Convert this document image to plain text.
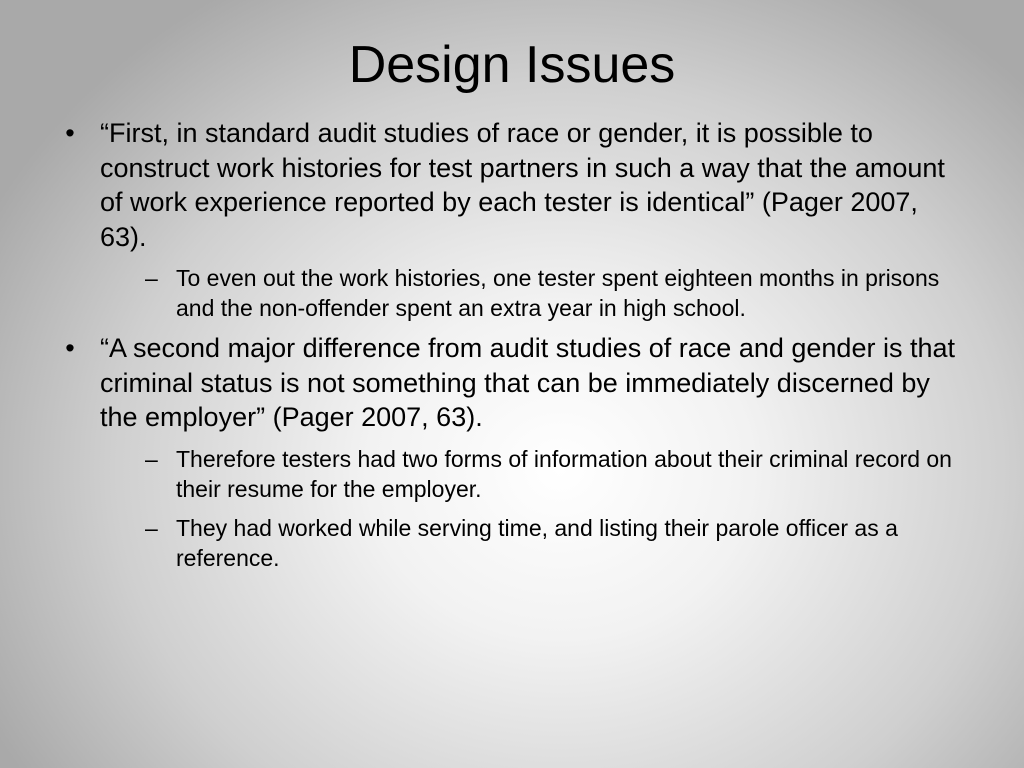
Design Issues
• “First, in standard audit studies of race or gender, it is possible to construct work histories for test partners in such a way that the amount of work experience reported by each tester is identical” (Pager 2007, 63).
– To even out the work histories, one tester spent eighteen months in prisons and the non-offender spent an extra year in high school.
• “A second major difference from audit studies of race and gender is that criminal status is not something that can be immediately discerned by the employer” (Pager 2007, 63).
– Therefore testers had two forms of information about their criminal record on their resume for the employer.
– They had worked while serving time, and listing their parole officer as a reference.
